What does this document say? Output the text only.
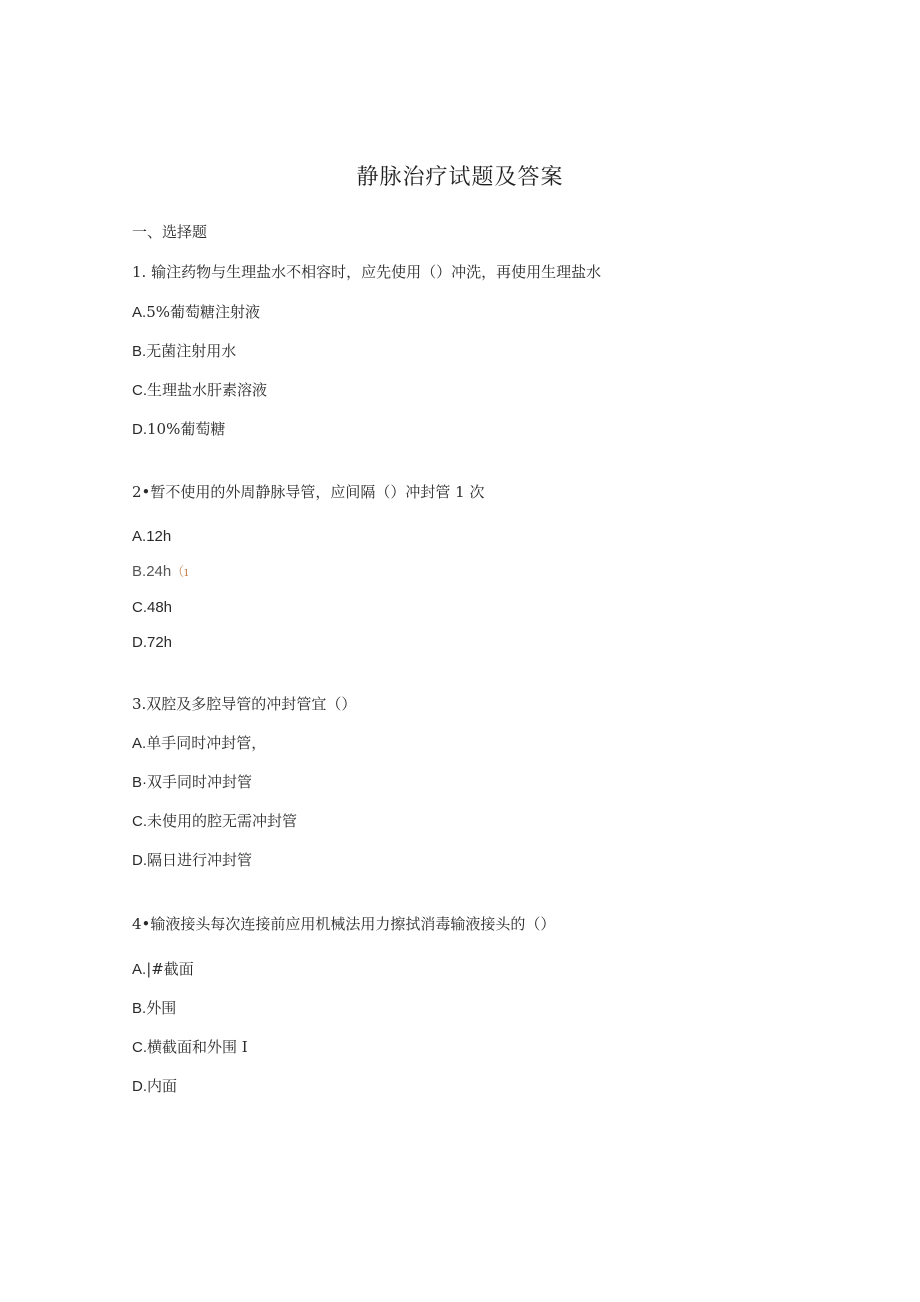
静脉治疗试题及答案
一、选择题
1. 输注药物与生理盐水不相容时，应先使用（）冲洗，再使用生理盐水
A.5%葡萄糖注射液
B.无菌注射用水
C.生理盐水肝素溶液
D.10%葡萄糖
2•暂不使用的外周静脉导管，应间隔（）冲封管 1 次
A.12h
B.24h（ı
C.48h
D.72h
3.双腔及多腔导管的冲封管宜（）
A.单手同时冲封管，
B·双手同时冲封管
C.未使用的腔无需冲封管
D.隔日进行冲封管
4•输液接头每次连接前应用机械法用力擦拭消毒输液接头的（）
A.|#截面
B.外围
C.横截面和外围 I
D.内面
